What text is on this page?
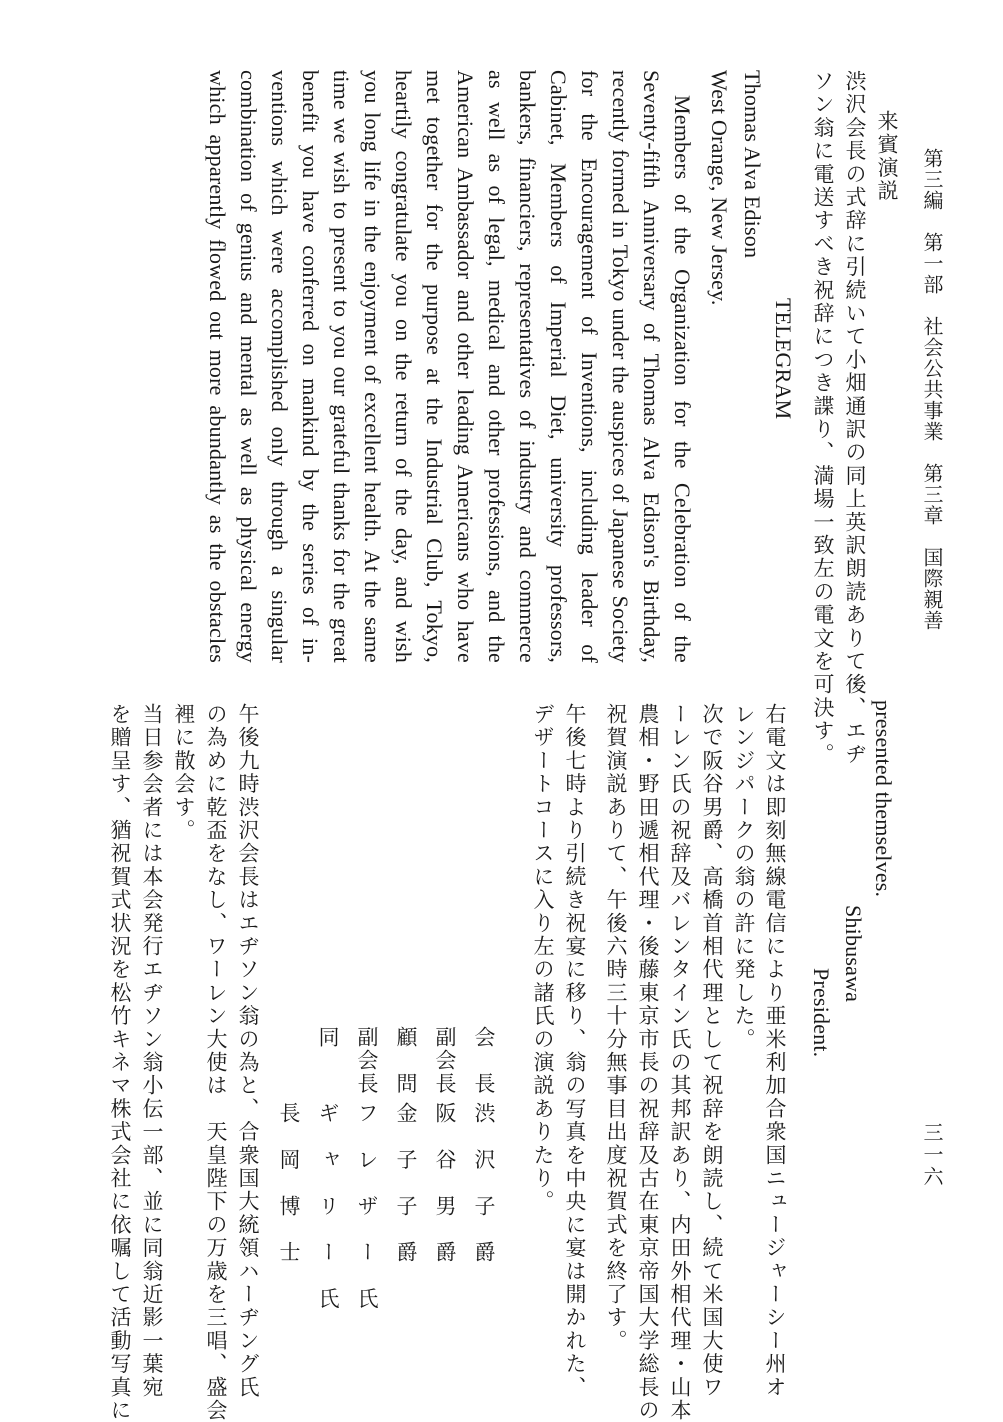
第三編　第一部　社会公共事業　第三章　国際親善
三一六
来賓演説
渋沢会長の式辞に引続いて小畑通訳の同上英訳朗読ありて後、エヂ
ソン翁に電送すべき祝辞につき諜り、満場一致左の電文を可決す。
TELEGRAM
Thomas Alva Edison
West Orange, New Jersey.
Members of the Organization for the Celebration of the
Seventy-fifth Anniversary of Thomas Alva Edison's Birthday,
recently formed in Tokyo under the auspices of Japanese Society
for the Encouragement of Inventions, including leader of
Cabinet, Members of Imperial Diet, university professors,
bankers, financiers, representatives of industry and commerce
as well as of legal, medical and other professions, and the
American Ambassador and other leading Americans who have
met together for the purpose at the Industrial Club, Tokyo,
heartily congratulate you on the return of the day, and wish
you long life in the enjoyment of excellent health. At the same
time we wish to present to you our grateful thanks for the great
benefit you have conferred on mankind by the series of in-
ventions which were accomplished only through a singular
combination of genius and mental as well as physical energy
which apparently flowed out more abundantly as the obstacles
presented themselves.
Shibusawa
President.
右電文は即刻無線電信により亜米利加合衆国ニュージャーシー州オ
レンジパークの翁の許に発した。
次で阪谷男爵、高橋首相代理として祝辞を朗読し、続て米国大使ワ
ーレン氏の祝辞及バレンタイン氏の其邦訳あり、内田外相代理・山本
農相・野田遞相代理・後藤東京市長の祝辞及古在東京帝国大学総長の
祝賀演説ありて、午後六時三十分無事目出度祝賀式を終了す。
午後七時より引続き祝宴に移り、翁の写真を中央に宴は開かれた、
デザートコースに入り左の諸氏の演説ありたり。
会　長
渋　沢　子　爵
副会長
阪　谷　男　爵
顧　問
金　子　子　爵
副会長
フ　レ　ザ　ー　氏
同
ギ　ャ　リ　ー　氏
長　岡　博　士
午後九時渋沢会長はエヂソン翁の為と、合衆国大統領ハーヂング氏
の為めに乾盃をなし、ワーレン大使は　天皇陛下の万歳を三唱、盛会
裡に散会す。
当日参会者には本会発行エヂソン翁小伝一部、並に同翁近影一葉宛
を贈呈す、猶祝賀式状況を松竹キネマ株式会社に依嘱して活動写真に
